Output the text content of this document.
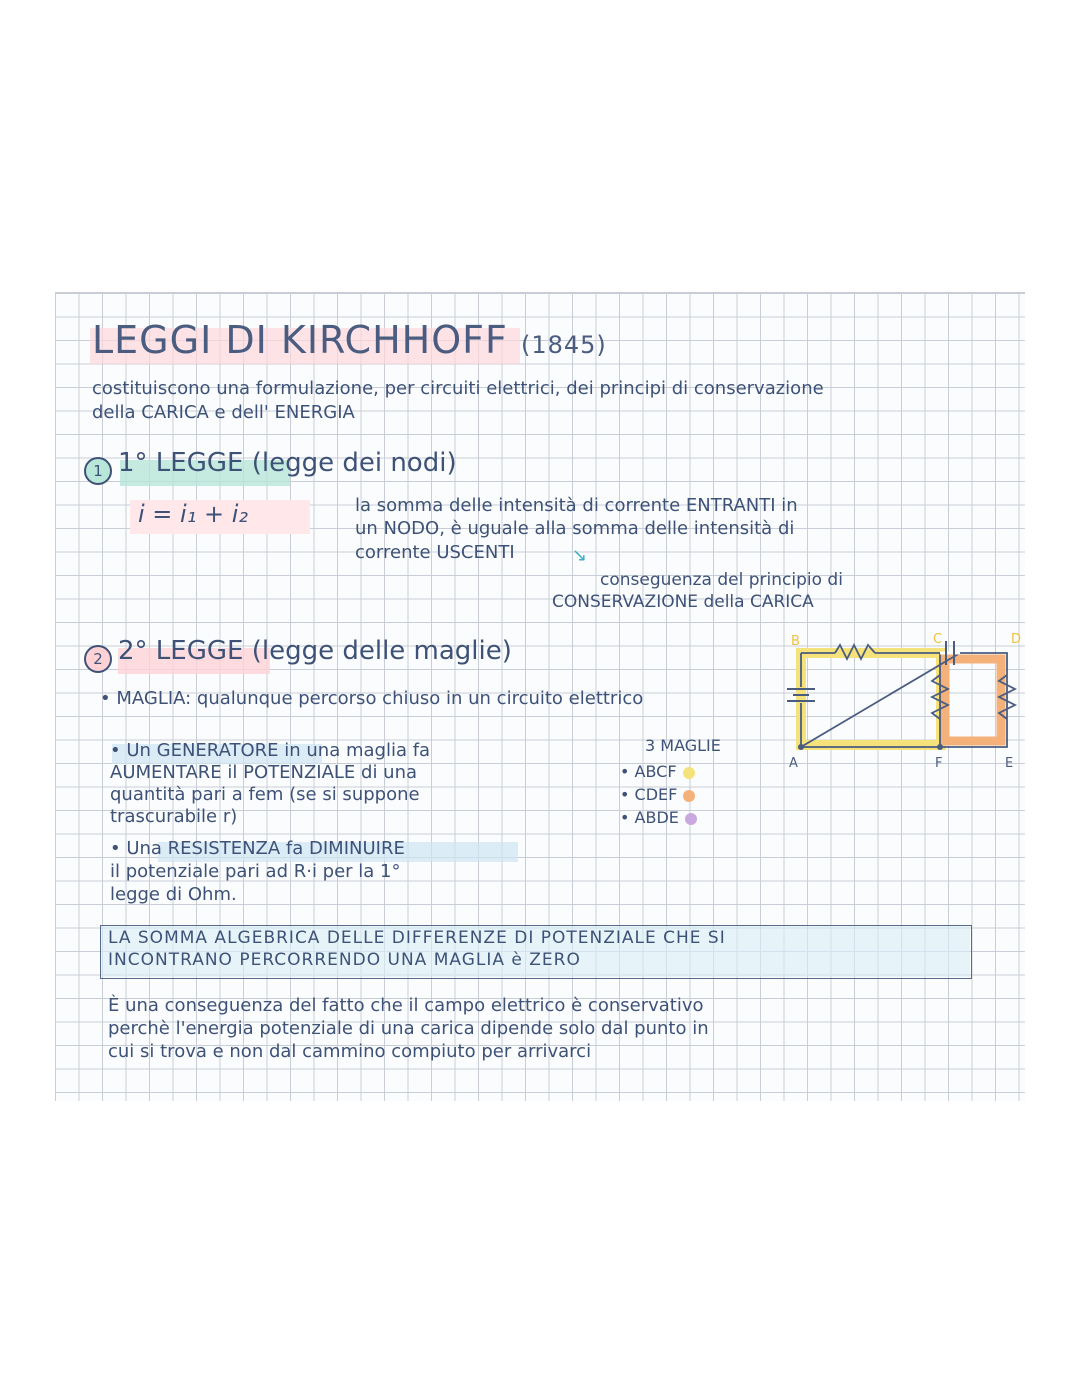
LEGGI DI KIRCHHOFF (1845)
costituiscono una formulazione, per circuiti elettrici, dei principi di conservazione
della CARICA e dell' ENERGIA
1 1° LEGGE (legge dei nodi)
i = i₁ + i₂	la somma delle intensità di corrente ENTRANTI in
un NODO, è uguale alla somma delle intensità di
corrente USCENTI	↘
conseguenza del principio di
CONSERVAZIONE della CARICA
2 2° LEGGE (legge delle maglie)
• MAGLIA: qualunque percorso chiuso in un circuito elettrico
• Un GENERATORE in una maglia fa
AUMENTARE il POTENZIALE di una
quantità pari a fem (se si suppone
trascurabile r)
• Una RESISTENZA fa DIMINUIRE
il potenziale pari ad R·i per la 1°
legge di Ohm.
3 MAGLIE
• ABCF
• CDEF
• ABDE
B	C	D
A	F	E
LA SOMMA ALGEBRICA DELLE DIFFERENZE DI POTENZIALE CHE SI
INCONTRANO PERCORRENDO UNA MAGLIA è ZERO
È una conseguenza del fatto che il campo elettrico è conservativo
perchè l'energia potenziale di una carica dipende solo dal punto in
cui si trova e non dal cammino compiuto per arrivarci
